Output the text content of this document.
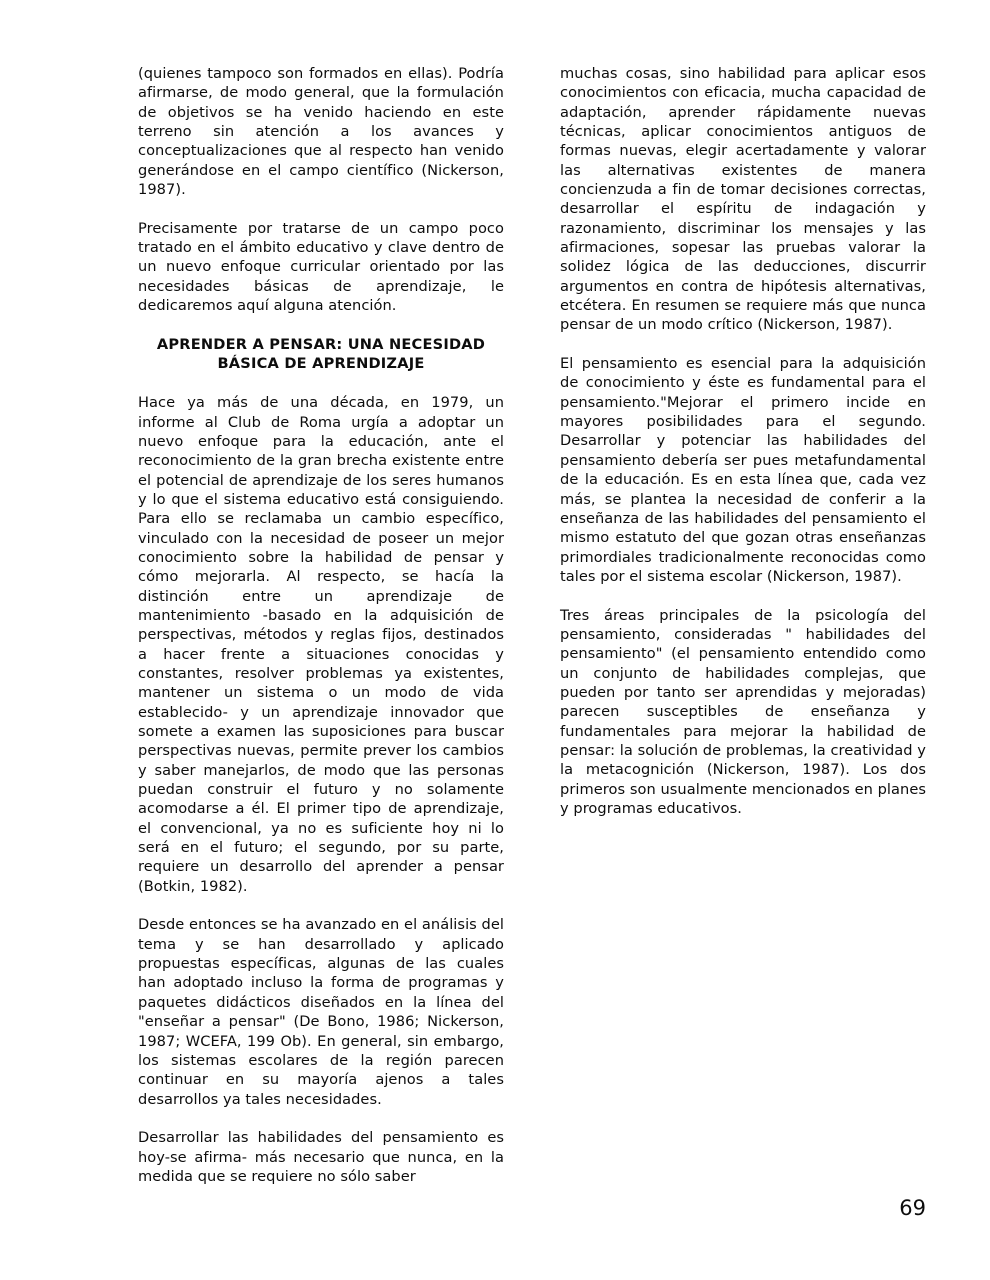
(quienes tampoco son formados en ellas). Podría afirmarse, de modo general, que la formulación de objetivos se ha venido haciendo en este terreno sin atención a los avances y conceptualizaciones que al respecto han venido generándose en el campo científico (Nickerson, 1987).
Precisamente por tratarse de un campo poco tratado en el ámbito educativo y clave dentro de un nuevo enfoque curricular orientado por las necesidades básicas de aprendizaje, le dedicaremos aquí alguna atención.
APRENDER A PENSAR: UNA NECESIDAD BÁSICA DE APRENDIZAJE
Hace ya más de una década, en 1979, un informe al Club de Roma urgía a adoptar un nuevo enfoque para la educación, ante el reconocimiento de la gran brecha existente entre el potencial de aprendizaje de los seres humanos y lo que el sistema educativo está consiguiendo. Para ello se reclamaba un cambio específico, vinculado con la necesidad de poseer un mejor conocimiento sobre la habilidad de pensar y cómo mejorarla. Al respecto, se hacía la distinción entre un aprendizaje de mantenimiento -basado en la adquisición de perspectivas, métodos y reglas fijos, destinados a hacer frente a situaciones conocidas y constantes, resolver problemas ya existentes, mantener un sistema o un modo de vida establecido- y un aprendizaje innovador que somete a examen las suposiciones para buscar perspectivas nuevas, permite prever los cambios y saber manejarlos, de modo que las personas puedan construir el futuro y no solamente acomodarse a él. El primer tipo de aprendizaje, el convencional, ya no es suficiente hoy ni lo será en el futuro; el segundo, por su parte, requiere un desarrollo del aprender a pensar (Botkin, 1982).
Desde entonces se ha avanzado en el análisis del tema y se han desarrollado y aplicado propuestas específicas, algunas de las cuales han adoptado incluso la forma de programas y paquetes didácticos diseñados en la línea del "enseñar a pensar" (De Bono, 1986; Nickerson, 1987; WCEFA, 199 Ob). En general, sin embargo, los sistemas escolares de la región parecen continuar en su mayoría ajenos a tales desarrollos ya tales necesidades.
Desarrollar las habilidades del pensamiento es hoy-se afirma- más necesario que nunca, en la medida que se requiere no sólo saber
muchas cosas, sino habilidad para aplicar esos conocimientos con eficacia, mucha capacidad de adaptación, aprender rápidamente nuevas técnicas, aplicar conocimientos antiguos de formas nuevas, elegir acertadamente y valorar las alternativas existentes de manera concienzuda a fin de tomar decisiones correctas, desarrollar el espíritu de indagación y razonamiento, discriminar los mensajes y las afirmaciones, sopesar las pruebas valorar la solidez lógica de las deducciones, discurrir argumentos en contra de hipótesis alternativas, etcétera. En resumen se requiere más que nunca pensar de un modo crítico (Nickerson, 1987).
El pensamiento es esencial para la adquisición de conocimiento y éste es fundamental para el pensamiento."Mejorar el primero incide en mayores posibilidades para el segundo. Desarrollar y potenciar las habilidades del pensamiento debería ser pues metafundamental de la educación. Es en esta línea que, cada vez más, se plantea la necesidad de conferir a la enseñanza de las habilidades del pensamiento el mismo estatuto del que gozan otras enseñanzas primordiales tradicionalmente reconocidas como tales por el sistema escolar (Nickerson, 1987).
Tres áreas principales de la psicología del pensamiento, consideradas " habilidades del pensamiento" (el pensamiento entendido como un conjunto de habilidades complejas, que pueden por tanto ser aprendidas y mejoradas) parecen susceptibles de enseñanza y fundamentales para mejorar la habilidad de pensar: la solución de problemas, la creatividad y la metacognición (Nickerson, 1987). Los dos primeros son usualmente mencionados en planes y programas educativos.
69
